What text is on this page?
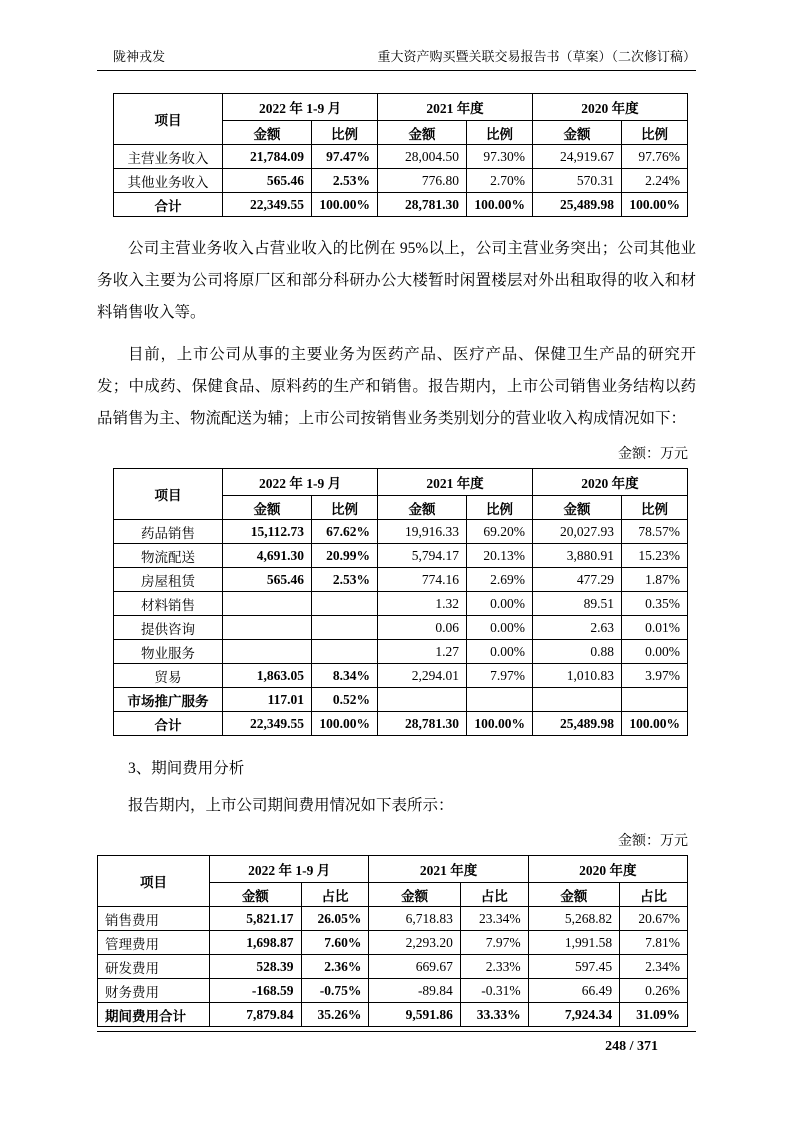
陇神戎发	重大资产购买暨关联交易报告书（草案）（二次修订稿）
项目	2022 年 1-9 月		2021 年度		2020 年度	
	金额	比例	金额	比例	金额	比例
主营业务收入	21,784.09	97.47%	28,004.50	97.30%	24,919.67	97.76%
其他业务收入	565.46	2.53%	776.80	2.70%	570.31	2.24%
合计	22,349.55	100.00%	28,781.30	100.00%	25,489.98	100.00%

公司主营业务收入占营业收入的比例在 95%以上，公司主营业务突出；公司其他业务收入主要为公司将原厂区和部分科研办公大楼暂时闲置楼层对外出租取得的收入和材料销售收入等。

目前，上市公司从事的主要业务为医药产品、医疗产品、保健卫生产品的研究开发；中成药、保健食品、原料药的生产和销售。报告期内，上市公司销售业务结构以药品销售为主、物流配送为辅；上市公司按销售业务类别划分的营业收入构成情况如下：

金额：万元
项目	2022 年 1-9 月		2021 年度		2020 年度	
	金额	比例	金额	比例	金额	比例
药品销售	15,112.73	67.62%	19,916.33	69.20%	20,027.93	78.57%
物流配送	4,691.30	20.99%	5,794.17	20.13%	3,880.91	15.23%
房屋租赁	565.46	2.53%	774.16	2.69%	477.29	1.87%
材料销售			1.32	0.00%	89.51	0.35%
提供咨询			0.06	0.00%	2.63	0.01%
物业服务			1.27	0.00%	0.88	0.00%
贸易	1,863.05	8.34%	2,294.01	7.97%	1,010.83	3.97%
市场推广服务	117.01	0.52%				
合计	22,349.55	100.00%	28,781.30	100.00%	25,489.98	100.00%

3、期间费用分析

报告期内，上市公司期间费用情况如下表所示：

金额：万元
项目	2022 年 1-9 月		2021 年度		2020 年度	
	金额	占比	金额	占比	金额	占比
销售费用	5,821.17	26.05%	6,718.83	23.34%	5,268.82	20.67%
管理费用	1,698.87	7.60%	2,293.20	7.97%	1,991.58	7.81%
研发费用	528.39	2.36%	669.67	2.33%	597.45	2.34%
财务费用	-168.59	-0.75%	-89.84	-0.31%	66.49	0.26%
期间费用合计	7,879.84	35.26%	9,591.86	33.33%	7,924.34	31.09%
248 / 371
